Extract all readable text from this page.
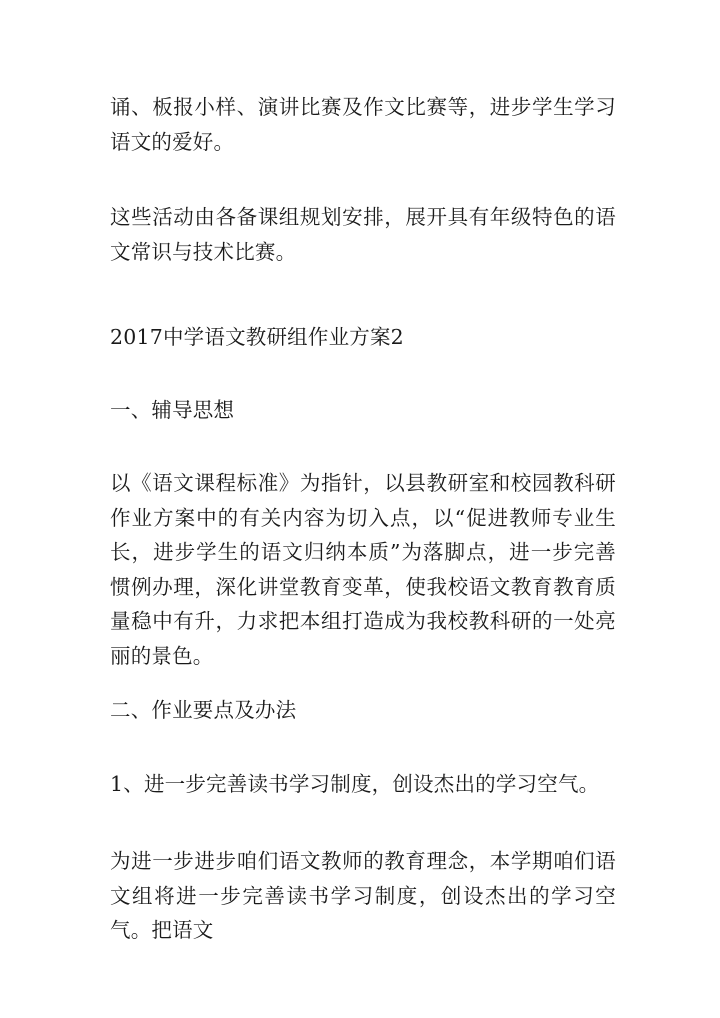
诵、板报小样、演讲比赛及作文比赛等，进步学生学习语文的爱好。

这些活动由各备课组规划安排，展开具有年级特色的语文常识与技术比赛。

2017中学语文教研组作业方案2

一、辅导思想

以《语文课程标准》为指针，以县教研室和校园教科研作业方案中的有关内容为切入点，以“促进教师专业生长，进步学生的语文归纳本质”为落脚点，进一步完善惯例办理，深化讲堂教育变革，使我校语文教育教育质量稳中有升，力求把本组打造成为我校教科研的一处亮丽的景色。

二、作业要点及办法

1、进一步完善读书学习制度，创设杰出的学习空气。

为进一步进步咱们语文教师的教育理念，本学期咱们语文组将进一步完善读书学习制度，创设杰出的学习空气。把语文
